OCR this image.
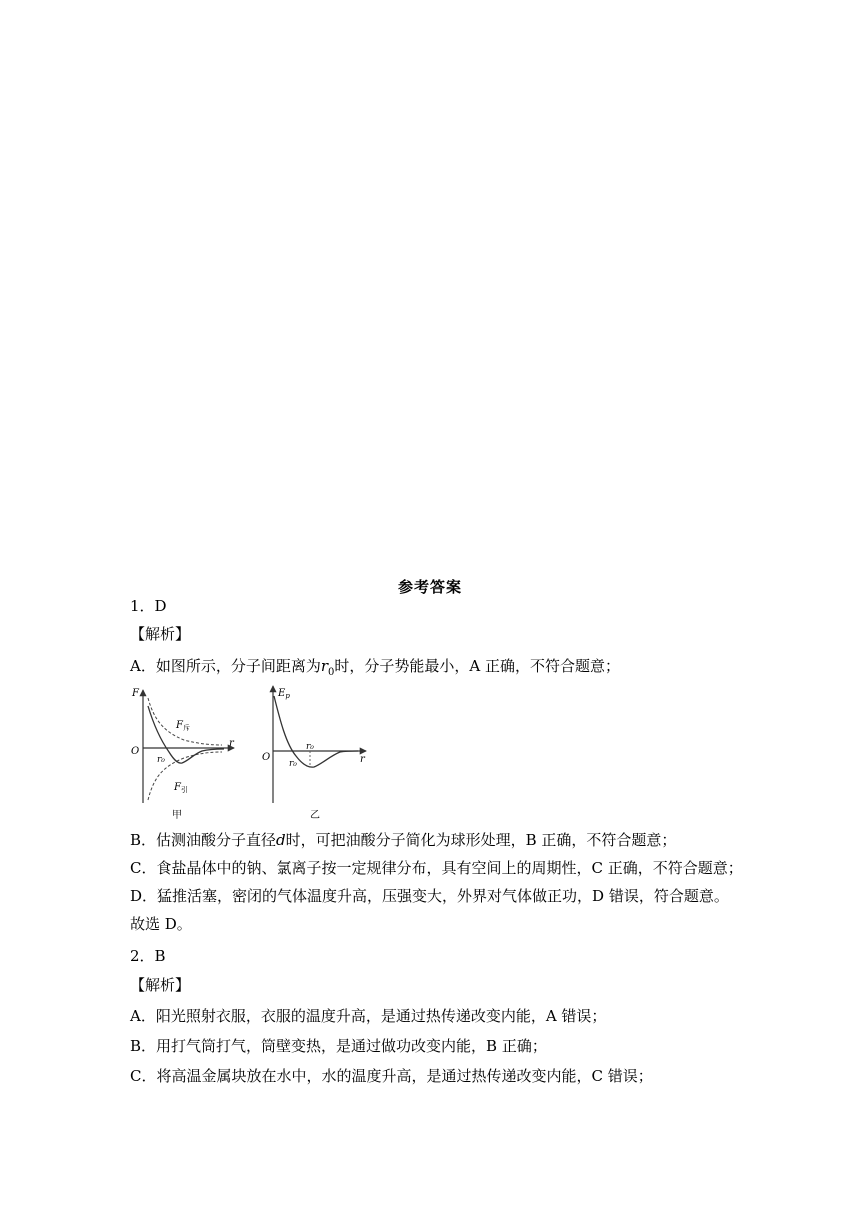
参考答案
1．D
【解析】
A．如图所示，分子间距离为$r_0$时，分子势能最小，A 正确，不符合题意；
F
r
O
r₀
$F_斥$
$F_引$
甲
$E_p$
r
O
r₀
r₀
乙
B．估测油酸分子直径d时，可把油酸分子简化为球形处理，B 正确，不符合题意；
C．食盐晶体中的钠、氯离子按一定规律分布，具有空间上的周期性，C 正确，不符合题意；
D．猛推活塞，密闭的气体温度升高，压强变大，外界对气体做正功，D 错误，符合题意。
故选 D。
2．B
【解析】
A．阳光照射衣服，衣服的温度升高，是通过热传递改变内能，A 错误；
B．用打气筒打气，筒壁变热，是通过做功改变内能，B 正确；
C．将高温金属块放在水中，水的温度升高，是通过热传递改变内能，C 错误；
